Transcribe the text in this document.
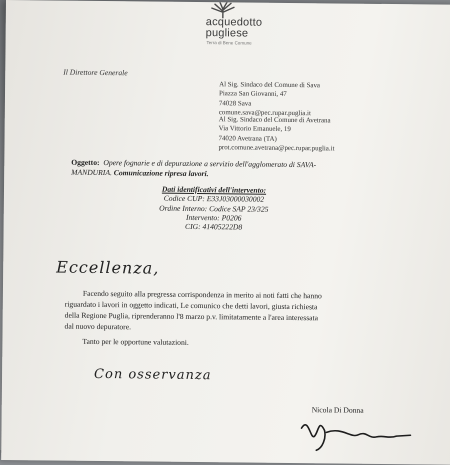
acquedotto
pugliese
Terra di Bene Comune
Il Direttore Generale
Al Sig. Sindaco del Comune di Sava
Piazza San Giovanni, 47
74028 Sava
comune.sava@pec.rupar.puglia.it
Al Sig. Sindaco del Comune di Avetrana
Via Vittorio Emanuele, 19
74020 Avetrana (TA)
prot.comune.avetrana@pec.rupar.puglia.it
Oggetto: Opere fognarie e di depurazione a servizio dell'agglomerato di SAVA-
MANDURIA. Comunicazione ripresa lavori.
Dati identificativi dell'intervento:
Codice CUP: E33J03000030002
Ordine Interno: Codice SAP 23/325
Intervento: P0206
CIG: 41405222D8
Eccellenza,
Facendo seguito alla pregressa corrispondenza in merito ai noti fatti che hanno
riguardato i lavori in oggetto indicati, Le comunico che detti lavori, giusta richiesta
della Regione Puglia, riprenderanno l'8 marzo p.v. limitatamente a l'area interessata
dal nuovo depuratore.
Tanto per le opportune valutazioni.
Con osservanza
Nicola Di Donna
